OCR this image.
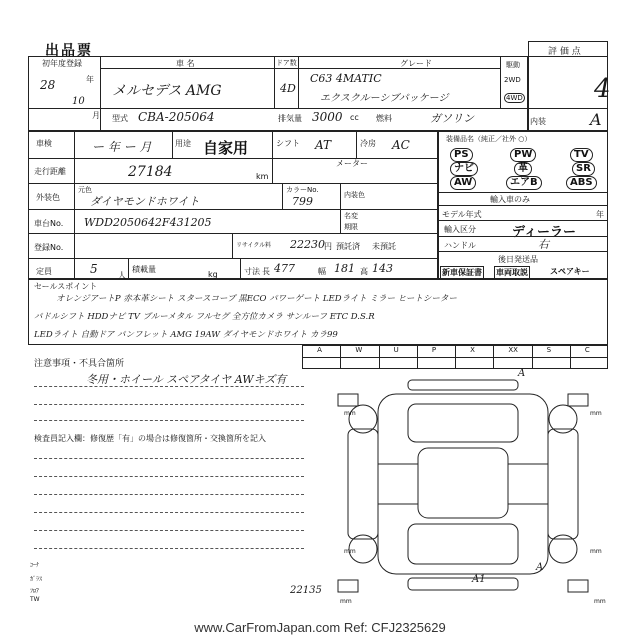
出品票	評 価 点
4
内装	A
初年度登録
28	年
10
月
車 名
メルセデス AMG
ドア数
4D
グレード
C63 4MATIC
エクスクルーシブパッケージ
駆動
2WD
4WD
型式 CBA-205064	排気量 3000 cc 燃料	ガソリン
車検	ー 年 ー 月	用途 自家用	シフト AT	冷房 AC
走行距離	27184	km
メーター
外装色
元色
ダイヤモンドホワイト
カラーNo.
799	内装色
車台No. WDD2050642F431205	名変
期限
登録No.	リサイクル料 22230 円 預託済 未預託
定員	5	人
積載量
kg	寸法 長 477	幅 181 高 143
装備品名（純正／社外 ○）
PS	PW	TV
ナビ	革	SR
AW	エアB	ABS
輸入車のみ
モデル年式	年
輸入区分	ディーラー
ハンドル	右
後日発送品
新車保証書 車両取説	スペアキー
セールスポイント
オレンジアートP 赤本革シート スタースコープ 黒ECO パワーゲート LEDライト ミラー ヒートシーター
パドルシフト HDDナビ TV ブルーメタル フルセグ 全方位カメラ サンルーフ ETC D.S.R
LEDライト 自動ドア パンフレット AMG 19AW ダイヤモンドホワイト カラ99
A	W	U	P	X	XX	S	C
注意事項・不具合箇所
冬用・ホイール スペアタイヤ AWキズ有
検査員記入欄：修復歴「有」の場合は修復箇所・交換箇所を記入
ｺｰﾅ
ｶﾞﾗｽ
ﾌﾛｱ
TW
22135
mm	mm
mm	mm
mm	mm
A
A
A1
www.CarFromJapan.com Ref: CFJ2325629
